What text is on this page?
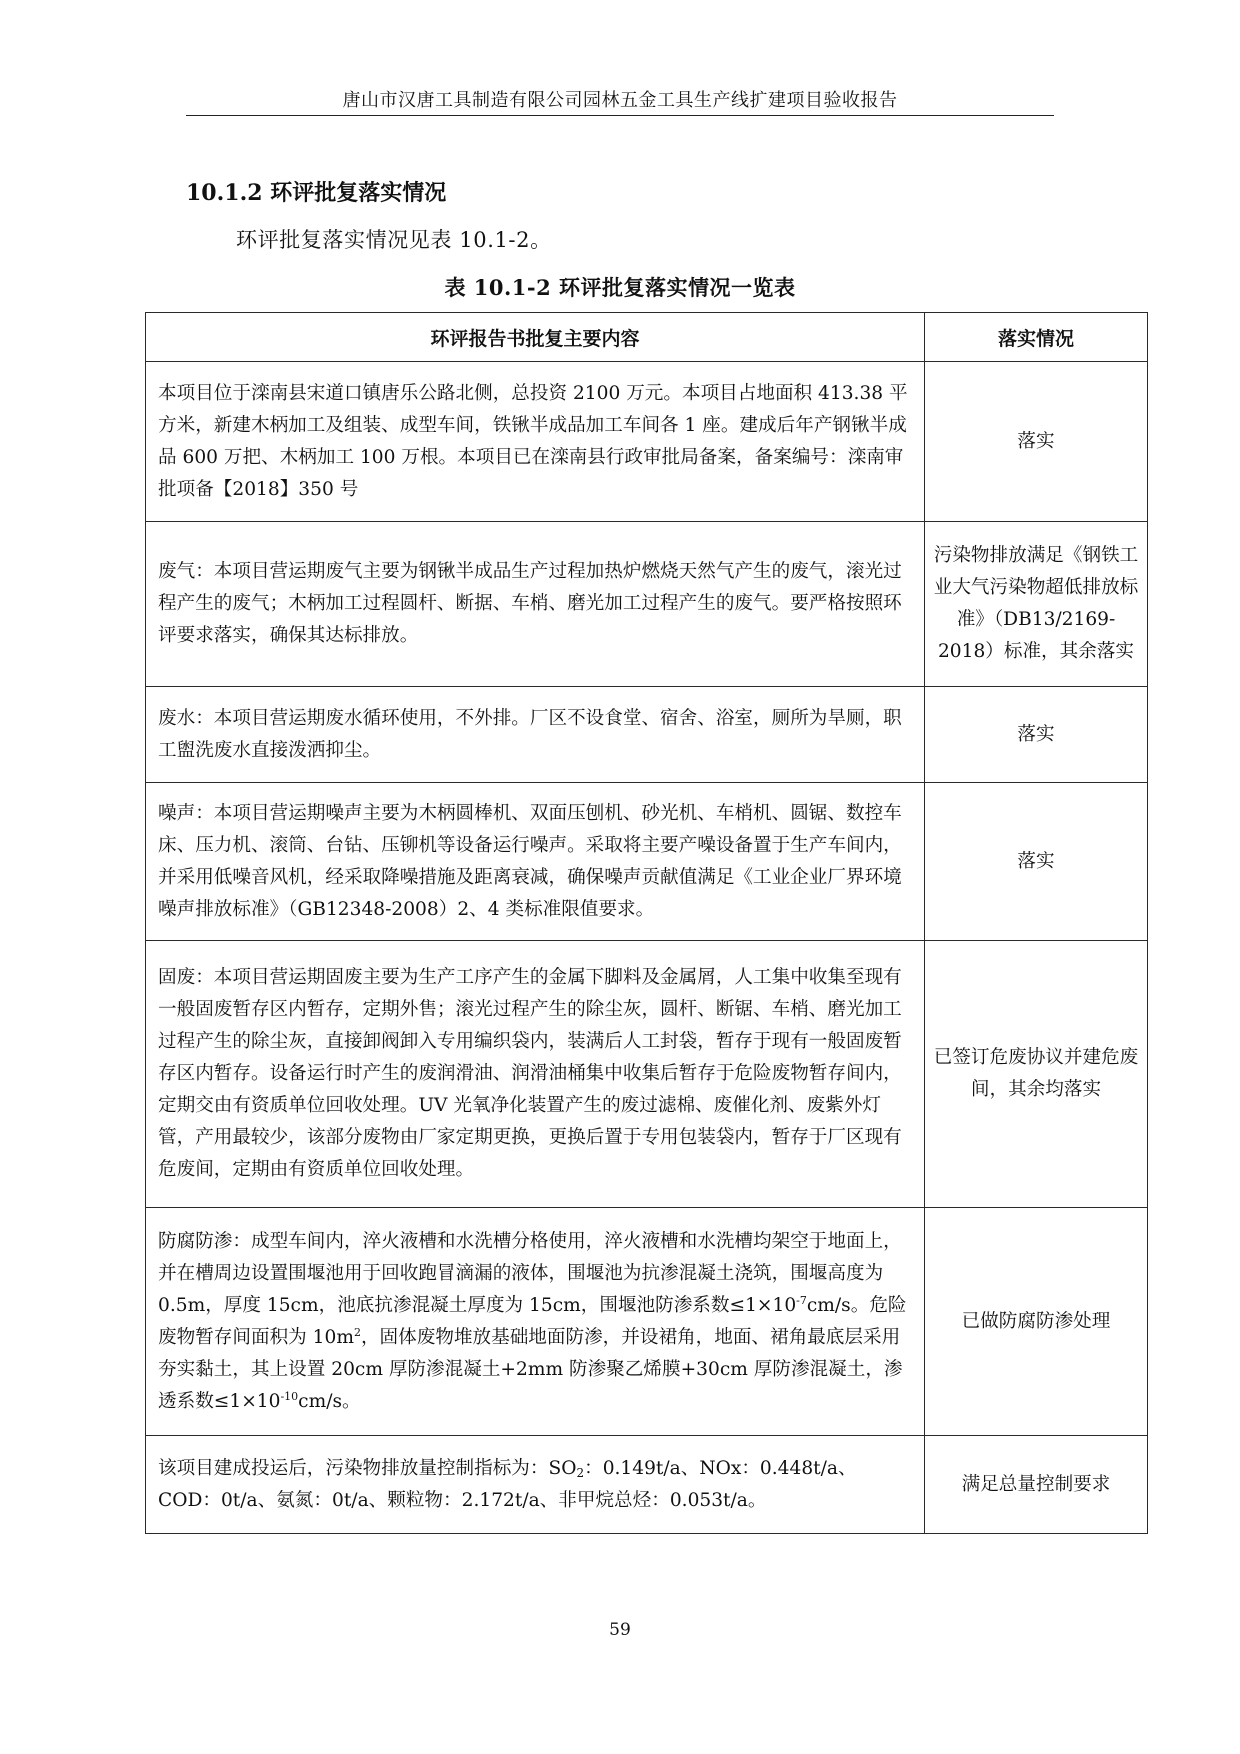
唐山市汉唐工具制造有限公司园林五金工具生产线扩建项目验收报告
10.1.2 环评批复落实情况
环评批复落实情况见表 10.1-2。
表 10.1-2 环评批复落实情况一览表
环评报告书批复主要内容	落实情况
本项目位于滦南县宋道口镇唐乐公路北侧，总投资 2100 万元。本项目占地面积 413.38 平方米，新建木柄加工及组装、成型车间，铁锹半成品加工车间各 1 座。建成后年产钢锹半成品 600 万把、木柄加工 100 万根。本项目已在滦南县行政审批局备案，备案编号：滦南审批项备【2018】350 号	落实
废气：本项目营运期废气主要为钢锹半成品生产过程加热炉燃烧天然气产生的废气，滚光过程产生的废气；木柄加工过程圆杆、断据、车梢、磨光加工过程产生的废气。要严格按照环评要求落实，确保其达标排放。	污染物排放满足《钢铁工业大气污染物超低排放标准》（DB13/2169-2018）标准，其余落实
废水：本项目营运期废水循环使用，不外排。厂区不设食堂、宿舍、浴室，厕所为旱厕，职工盥洗废水直接泼洒抑尘。	落实
噪声：本项目营运期噪声主要为木柄圆棒机、双面压刨机、砂光机、车梢机、圆锯、数控车床、压力机、滚筒、台钻、压铆机等设备运行噪声。采取将主要产噪设备置于生产车间内，并采用低噪音风机，经采取降噪措施及距离衰减，确保噪声贡献值满足《工业企业厂界环境噪声排放标准》（GB12348-2008）2、4 类标准限值要求。	落实
固废：本项目营运期固废主要为生产工序产生的金属下脚料及金属屑，人工集中收集至现有一般固废暂存区内暂存，定期外售；滚光过程产生的除尘灰，圆杆、断锯、车梢、磨光加工过程产生的除尘灰，直接卸阀卸入专用编织袋内，装满后人工封袋，暂存于现有一般固废暂存区内暂存。设备运行时产生的废润滑油、润滑油桶集中收集后暂存于危险废物暂存间内，定期交由有资质单位回收处理。UV 光氧净化装置产生的废过滤棉、废催化剂、废紫外灯管，产用最较少，该部分废物由厂家定期更换，更换后置于专用包装袋内，暂存于厂区现有危废间，定期由有资质单位回收处理。	已签订危废协议并建危废间，其余均落实
防腐防渗：成型车间内，淬火液槽和水洗槽分格使用，淬火液槽和水洗槽均架空于地面上，并在槽周边设置围堰池用于回收跑冒滴漏的液体，围堰池为抗渗混凝土浇筑，围堰高度为 0.5m，厚度 15cm，池底抗渗混凝土厚度为 15cm，围堰池防渗系数$\le 1\times 10^{-7}cm/s$。危险废物暂存间面积为 $10m^2$，固体废物堆放基础地面防渗，并设裙角，地面、裙角最底层采用夯实黏土，其上设置 20cm 厚防渗混凝土+2mm 防渗聚乙烯膜+30cm 厚防渗混凝土，渗透系数$\le 1\times 10^{-10}cm/s$。	已做防腐防渗处理
该项目建成投运后，污染物排放量控制指标为：$SO_2$：0.149t/a、NOx：0.448t/a、COD：0t/a、氨氮：0t/a、颗粒物：2.172t/a、非甲烷总烃：0.053t/a。	满足总量控制要求
59
